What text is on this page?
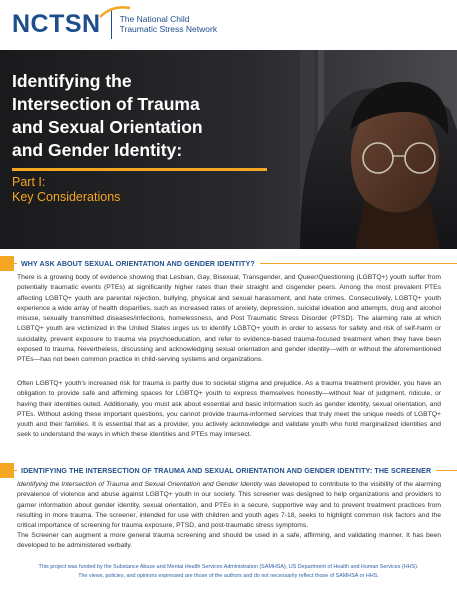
NCTSN The National Child
Traumatic Stress Network
Identifying the
Intersection of Trauma
and Sexual Orientation
and Gender Identity:
Part I:
Key Considerations
WHY ASK ABOUT SEXUAL ORIENTATION AND GENDER IDENTITY?

There is a growing body of evidence showing that Lesbian, Gay, Bisexual, Transgender, and Queer/Questioning (LGBTQ+) youth suffer from potentially traumatic events (PTEs) at significantly higher rates than their straight and cisgender peers. Among the most prevalent PTEs affecting LGBTQ+ youth are parental rejection, bullying, physical and sexual harassment, and hate crimes. Consecutively, LGBTQ+ youth experience a wide array of health disparities, such as increased rates of anxiety, depression, suicidal ideation and attempts, drug and alcohol misuse, sexually transmitted diseases/infections, homelessness, and Post Traumatic Stress Disorder (PTSD). The alarming rate at which LGBTQ+ youth are victimized in the United States urges us to identify LGBTQ+ youth in order to assess for safety and risk of self-harm or suicidality, prevent exposure to trauma via psychoeducation, and refer to evidence-based trauma-focused treatment when they have been exposed to trauma. Nevertheless, discussing and acknowledging sexual orientation and gender identity—with or without the aforementioned PTEs—has not been common practice in child-serving systems and organizations.

Often LGBTQ+ youth's increased risk for trauma is partly due to societal stigma and prejudice. As a trauma treatment provider, you have an obligation to provide safe and affirming spaces for LGBTQ+ youth to express themselves honestly—without fear of judgment, ridicule, or having their identities outed. Additionally, you must ask about essential and basic information such as gender identity, sexual orientation, and PTEs. Without asking these important questions, you cannot provide trauma-informed services that truly meet the unique needs of LGBTQ+ youth and their families. It is essential that as a provider, you actively acknowledge and validate youth who hold marginalized identities and seek to understand the ways in which these identities and PTEs may intersect.

IDENTIFYING THE INTERSECTION OF TRAUMA AND SEXUAL ORIENTATION AND GENDER IDENTITY: THE SCREENER

Identifying the Intersection of Trauma and Sexual Orientation and Gender Identity was developed to contribute to the visibility of the alarming prevalence of violence and abuse against LGBTQ+ youth in our society. This screener was designed to help organizations and providers to garner information about gender identity, sexual orientation, and PTEs in a secure, supportive way and to prevent treatment practices from resulting in more trauma. The screener, intended for use with children and youth ages 7-18, seeks to highlight common risk factors and the critical importance of screening for trauma exposure, PTSD, and post-traumatic stress symptoms.

The Screener can augment a more general trauma screening and should be used in a safe, affirming, and validating manner. It has been developed to be administered verbally.

This project was funded by the Substance Abuse and Mental Health Services Administration (SAMHSA), US Department of Health and Human Services (HHS).
The views, policies, and opinions expressed are those of the authors and do not necessarily reflect those of SAMHSA or HHS.
